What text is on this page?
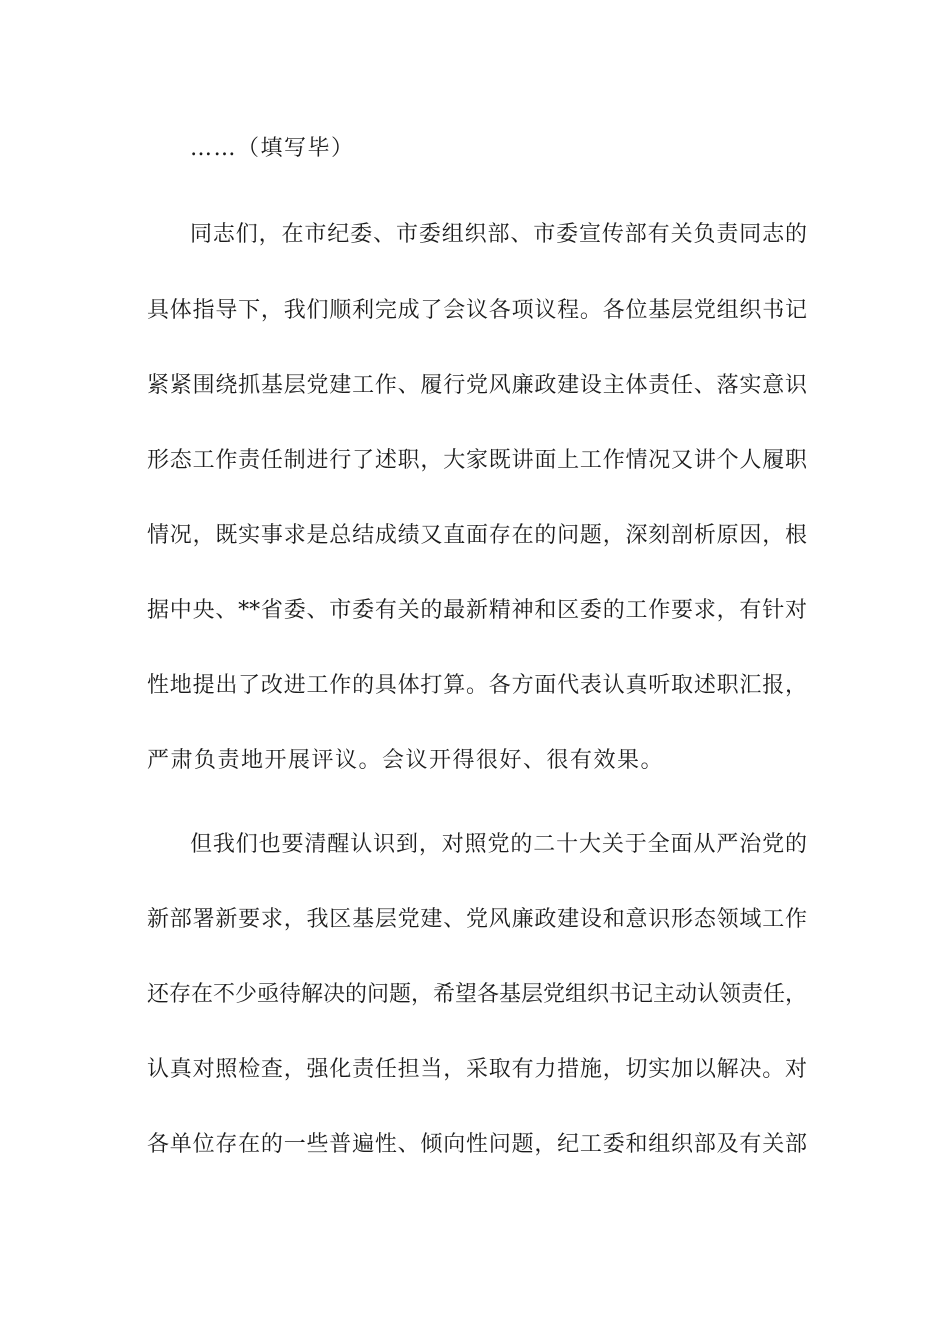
……（填写毕）
同志们，在市纪委、市委组织部、市委宣传部有关负责同志的
具体指导下，我们顺利完成了会议各项议程。各位基层党组织书记
紧紧围绕抓基层党建工作、履行党风廉政建设主体责任、落实意识
形态工作责任制进行了述职，大家既讲面上工作情况又讲个人履职
情况，既实事求是总结成绩又直面存在的问题，深刻剖析原因，根
据中央、**省委、市委有关的最新精神和区委的工作要求，有针对
性地提出了改进工作的具体打算。各方面代表认真听取述职汇报，
严肃负责地开展评议。会议开得很好、很有效果。
但我们也要清醒认识到，对照党的二十大关于全面从严治党的
新部署新要求，我区基层党建、党风廉政建设和意识形态领域工作
还存在不少亟待解决的问题，希望各基层党组织书记主动认领责任，
认真对照检查，强化责任担当，采取有力措施，切实加以解决。对
各单位存在的一些普遍性、倾向性问题，纪工委和组织部及有关部
